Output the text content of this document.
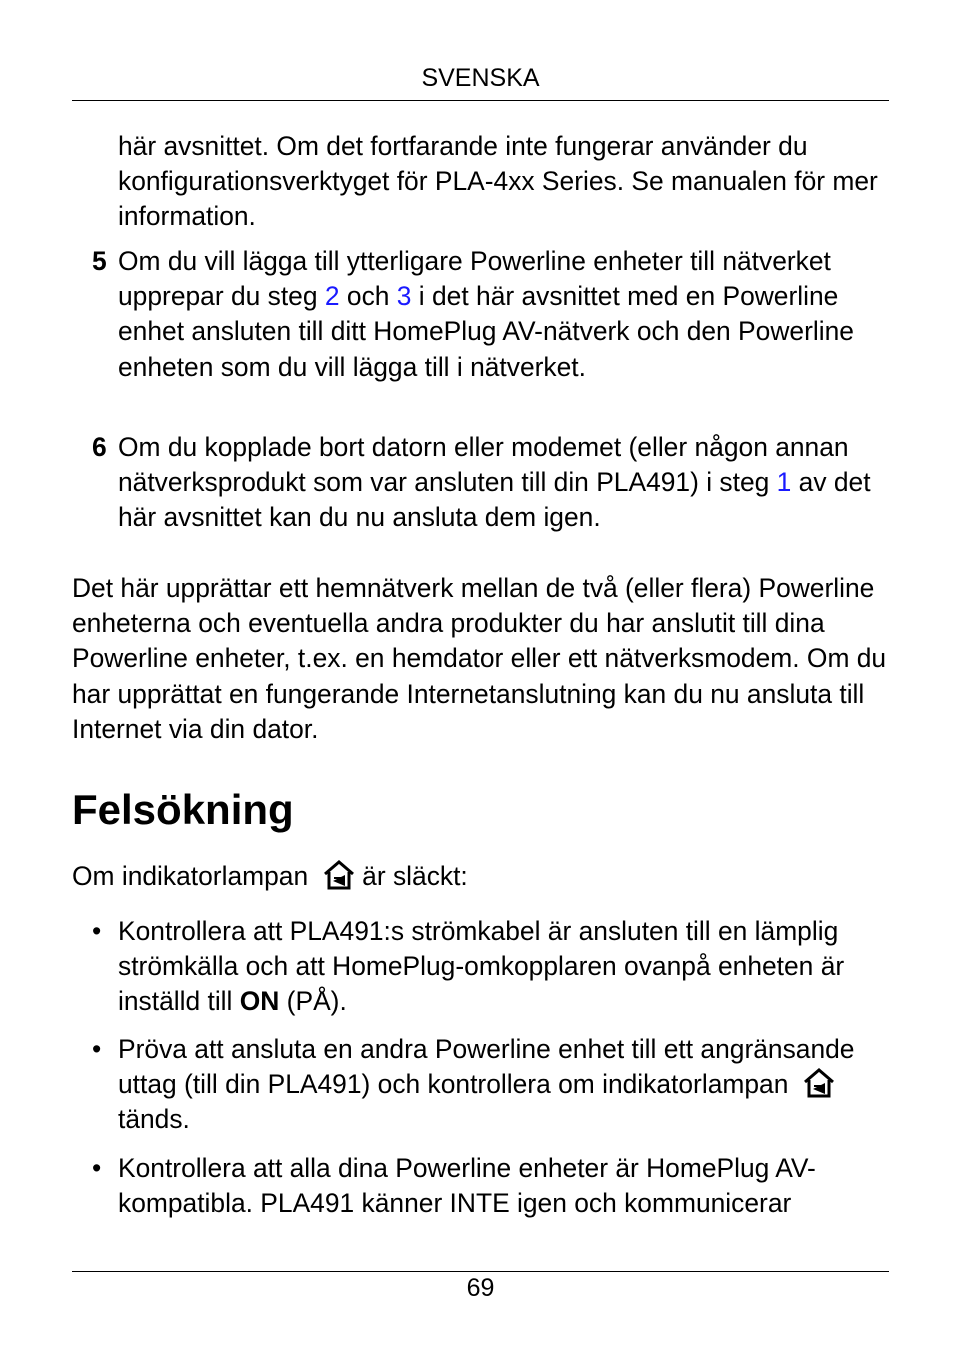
SVENSKA
här avsnittet. Om det fortfarande inte fungerar använder du konfigurationsverktyget för PLA-4xx Series. Se manualen för mer information.
5 Om du vill lägga till ytterligare Powerline enheter till nätverket upprepar du steg 2 och 3 i det här avsnittet med en Powerline enhet ansluten till ditt HomePlug AV-nätverk och den Powerline enheten som du vill lägga till i nätverket.
6 Om du kopplade bort datorn eller modemet (eller någon annan nätverksprodukt som var ansluten till din PLA491) i steg 1 av det här avsnittet kan du nu ansluta dem igen.
Det här upprättar ett hemnätverk mellan de två (eller flera) Powerline enheterna och eventuella andra produkter du har anslutit till dina Powerline enheter, t.ex. en hemdator eller ett nätverksmodem. Om du har upprättat en fungerande Internetanslutning kan du nu ansluta till Internet via din dator.
Felsökning
Om indikatorlampan är släckt:
• Kontrollera att PLA491:s strömkabel är ansluten till en lämplig strömkälla och att HomePlug-omkopplaren ovanpå enheten är inställd till ON (PÅ).
• Pröva att ansluta en andra Powerline enhet till ett angränsande uttag (till din PLA491) och kontrollera om indikatorlampan
tänds.
• Kontrollera att alla dina Powerline enheter är HomePlug AV-kompatibla. PLA491 känner INTE igen och kommunicerar
69
